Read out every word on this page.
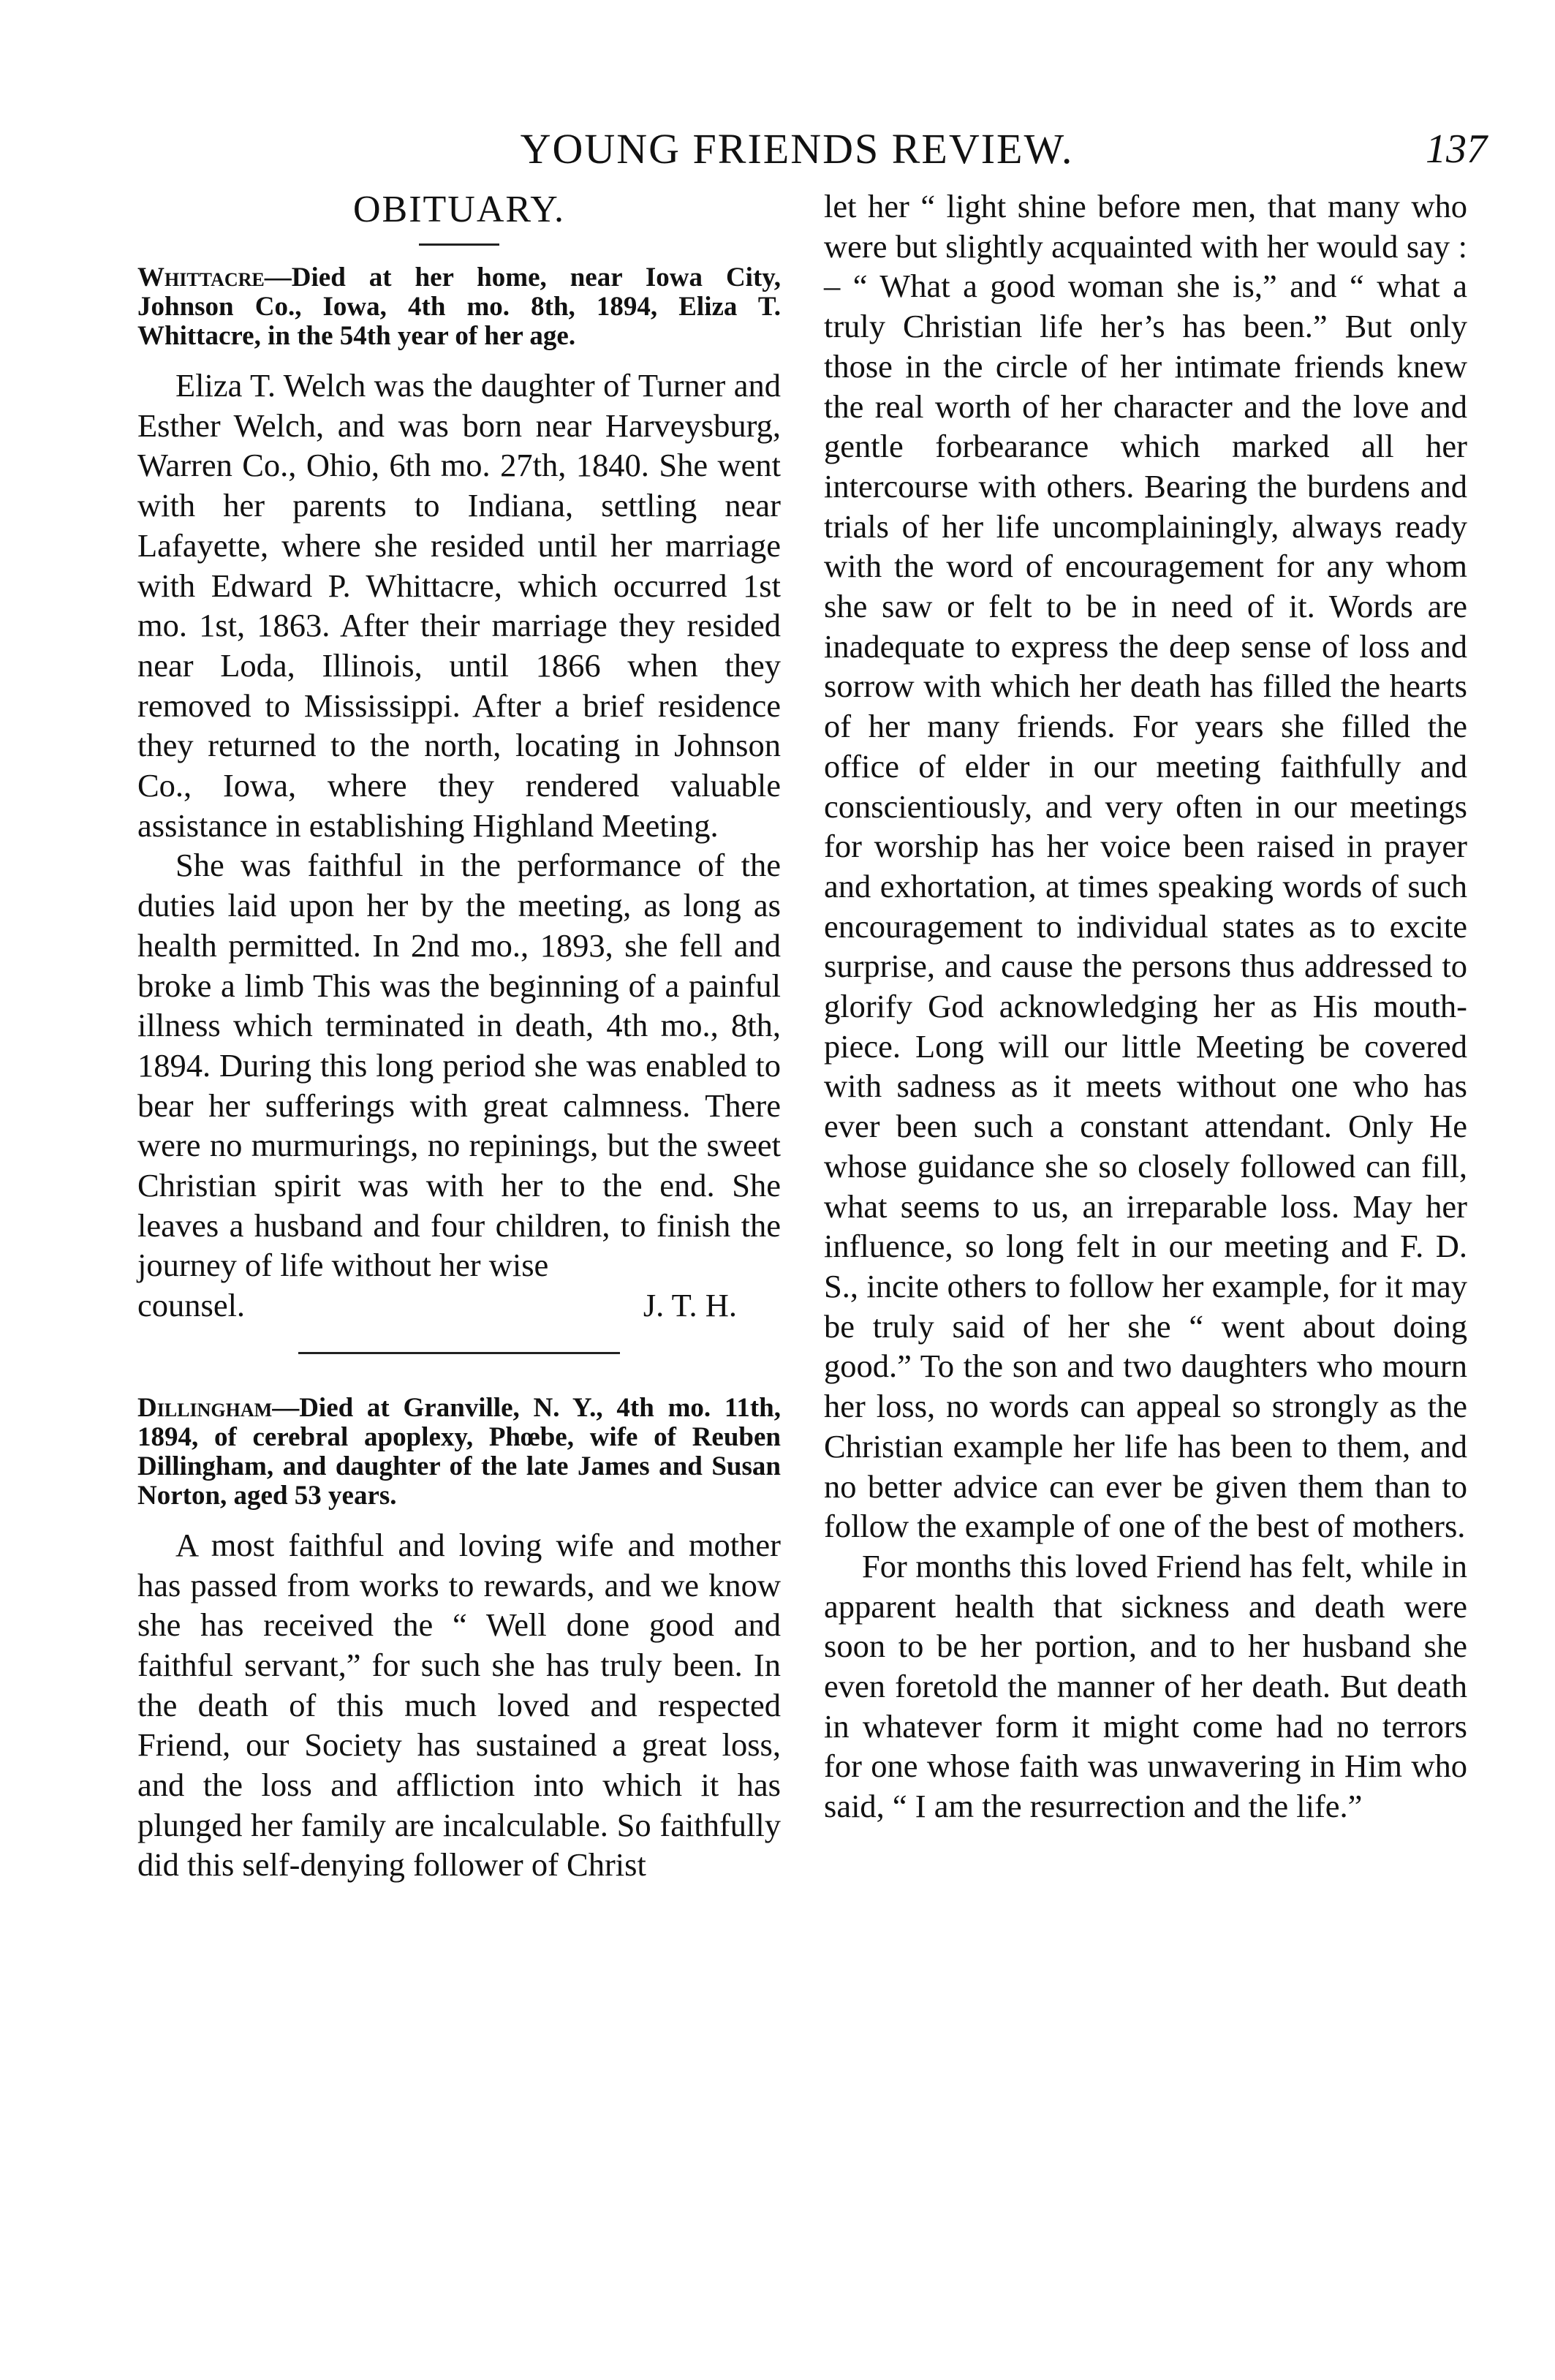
YOUNG FRIENDS REVIEW.	137
OBITUARY.

Whittacre—Died at her home, near Iowa City, Johnson Co., Iowa, 4th mo. 8th, 1894, Eliza T. Whittacre, in the 54th year of her age.

Eliza T. Welch was the daughter of Turner and Esther Welch, and was born near Harveysburg, Warren Co., Ohio, 6th mo. 27th, 1840. She went with her parents to Indiana, settling near Lafayette, where she resided until her marriage with Edward P. Whittacre, which occurred 1st mo. 1st, 1863. After their marriage they resided near Loda, Illinois, until 1866 when they removed to Mississippi. After a brief residence they returned to the north, locating in Johnson Co., Iowa, where they rendered valuable assistance in establishing Highland Meeting.

She was faithful in the performance of the duties laid upon her by the meeting, as long as health permitted. In 2nd mo., 1893, she fell and broke a limb This was the beginning of a painful illness which terminated in death, 4th mo., 8th, 1894. During this long period she was enabled to bear her sufferings with great calmness. There were no murmurings, no repinings, but the sweet Christian spirit was with her to the end. She leaves a husband and four children, to finish the journey of life without her wise

counsel.	J. T. H.

Dillingham—Died at Granville, N. Y., 4th mo. 11th, 1894, of cerebral apoplexy, Phœbe, wife of Reuben Dillingham, and daughter of the late James and Susan Norton, aged 53 years.

A most faithful and loving wife and mother has passed from works to rewards, and we know she has received the “ Well done good and faithful servant,” for such she has truly been. In the death of this much loved and respected Friend, our Society has sustained a great loss, and the loss and affliction into which it has plunged her family are incalculable. So faithfully did this self-denying follower of Christ

let her “ light shine before men, that many who were but slightly acquainted with her would say : – “ What a good woman she is,” and “ what a truly Christian life her’s has been.” But only those in the circle of her intimate friends knew the real worth of her character and the love and gentle forbearance which marked all her intercourse with others. Bearing the burdens and trials of her life uncomplainingly, always ready with the word of encouragement for any whom she saw or felt to be in need of it. Words are inadequate to express the deep sense of loss and sorrow with which her death has filled the hearts of her many friends. For years she filled the office of elder in our meeting faithfully and conscientiously, and very often in our meetings for worship has her voice been raised in prayer and exhortation, at times speaking words of such encouragement to individual states as to excite surprise, and cause the persons thus addressed to glorify God acknowledging her as His mouth-piece. Long will our little Meeting be covered with sadness as it meets without one who has ever been such a constant attendant. Only He whose guidance she so closely followed can fill, what seems to us, an irreparable loss. May her influence, so long felt in our meeting and F. D. S., incite others to follow her example, for it may be truly said of her she “ went about doing good.” To the son and two daughters who mourn her loss, no words can appeal so strongly as the Christian example her life has been to them, and no better advice can ever be given them than to follow the example of one of the best of mothers.

For months this loved Friend has felt, while in apparent health that sickness and death were soon to be her portion, and to her husband she even foretold the manner of her death. But death in whatever form it might come had no terrors for one whose faith was unwavering in Him who said, “ I am the resurrection and the life.”
